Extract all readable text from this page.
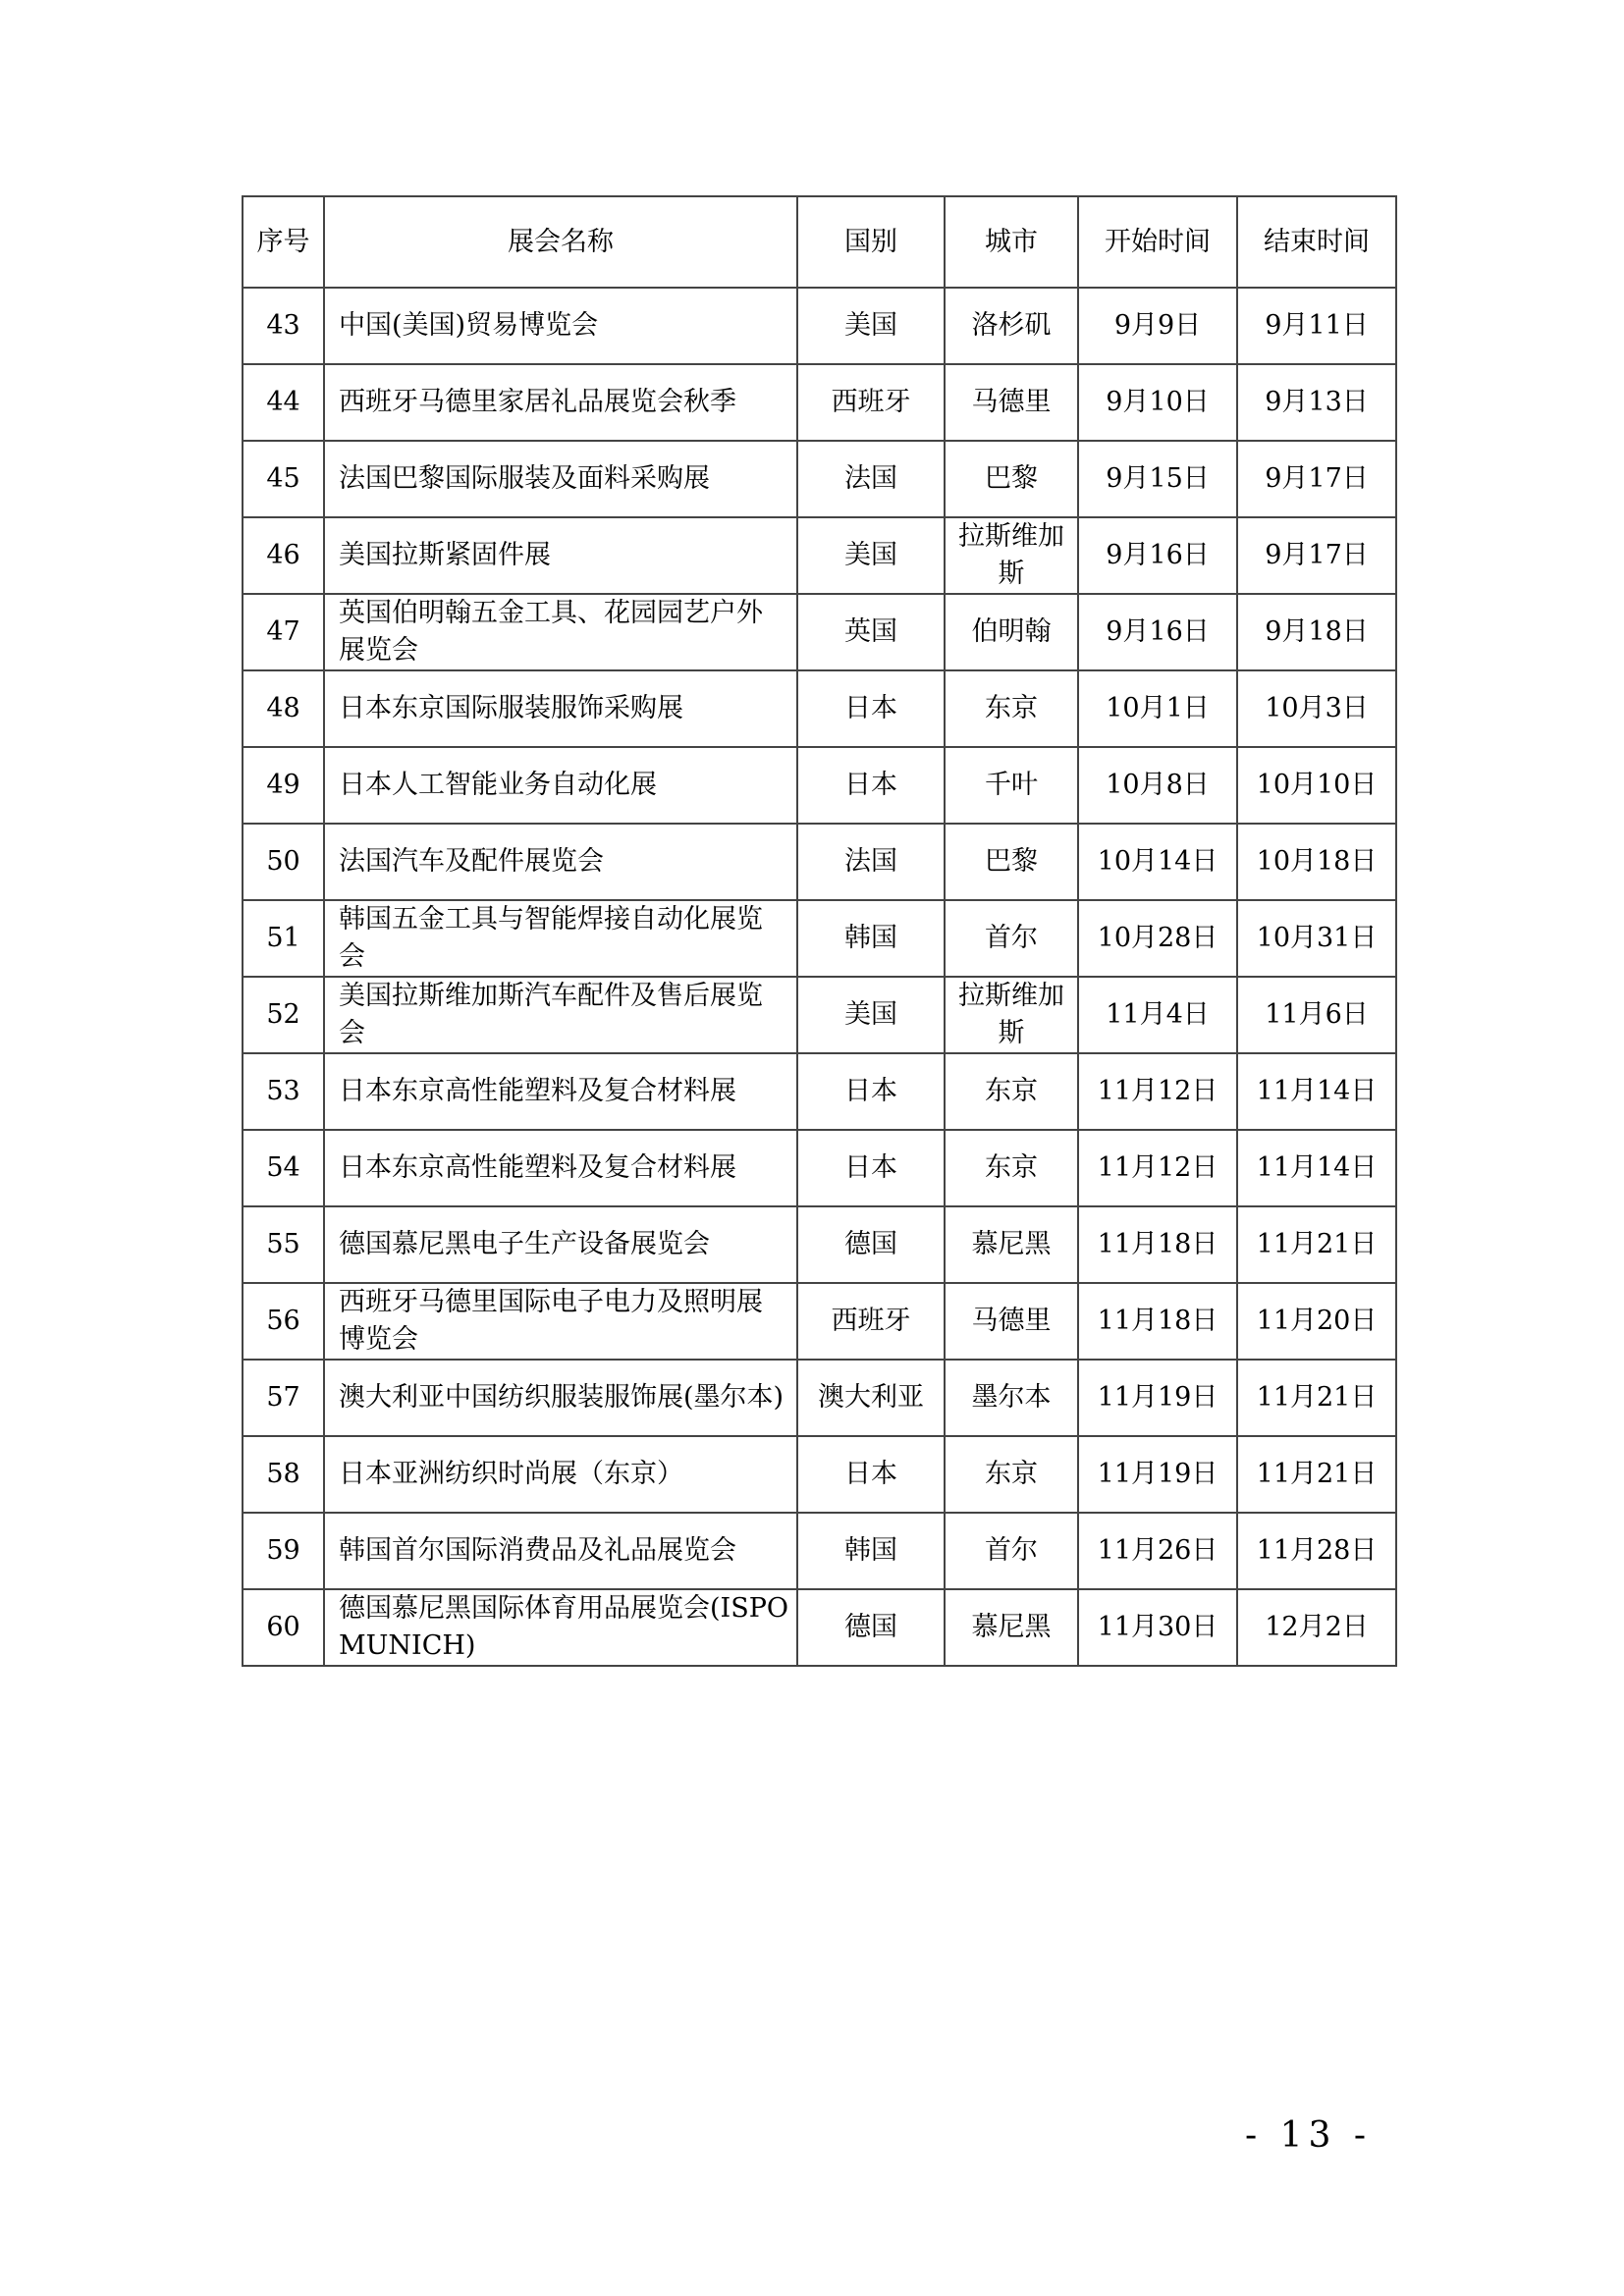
序号	展会名称	国别	城市	开始时间	结束时间
43	中国(美国)贸易博览会	美国	洛杉矶	9月9日	9月11日
44	西班牙马德里家居礼品展览会秋季	西班牙	马德里	9月10日	9月13日
45	法国巴黎国际服装及面料采购展	法国	巴黎	9月15日	9月17日
46	美国拉斯紧固件展	美国	拉斯维加斯	9月16日	9月17日
47	英国伯明翰五金工具、花园园艺户外展览会	英国	伯明翰	9月16日	9月18日
48	日本东京国际服装服饰采购展	日本	东京	10月1日	10月3日
49	日本人工智能业务自动化展	日本	千叶	10月8日	10月10日
50	法国汽车及配件展览会	法国	巴黎	10月14日	10月18日
51	韩国五金工具与智能焊接自动化展览会	韩国	首尔	10月28日	10月31日
52	美国拉斯维加斯汽车配件及售后展览会	美国	拉斯维加斯	11月4日	11月6日
53	日本东京高性能塑料及复合材料展	日本	东京	11月12日	11月14日
54	日本东京高性能塑料及复合材料展	日本	东京	11月12日	11月14日
55	德国慕尼黑电子生产设备展览会	德国	慕尼黑	11月18日	11月21日
56	西班牙马德里国际电子电力及照明展博览会	西班牙	马德里	11月18日	11月20日
57	澳大利亚中国纺织服装服饰展(墨尔本)	澳大利亚	墨尔本	11月19日	11月21日
58	日本亚洲纺织时尚展（东京）	日本	东京	11月19日	11月21日
59	韩国首尔国际消费品及礼品展览会	韩国	首尔	11月26日	11月28日
60	德国慕尼黑国际体育用品展览会(ISPO MUNICH)	德国	慕尼黑	11月30日	12月2日
- 13 -
